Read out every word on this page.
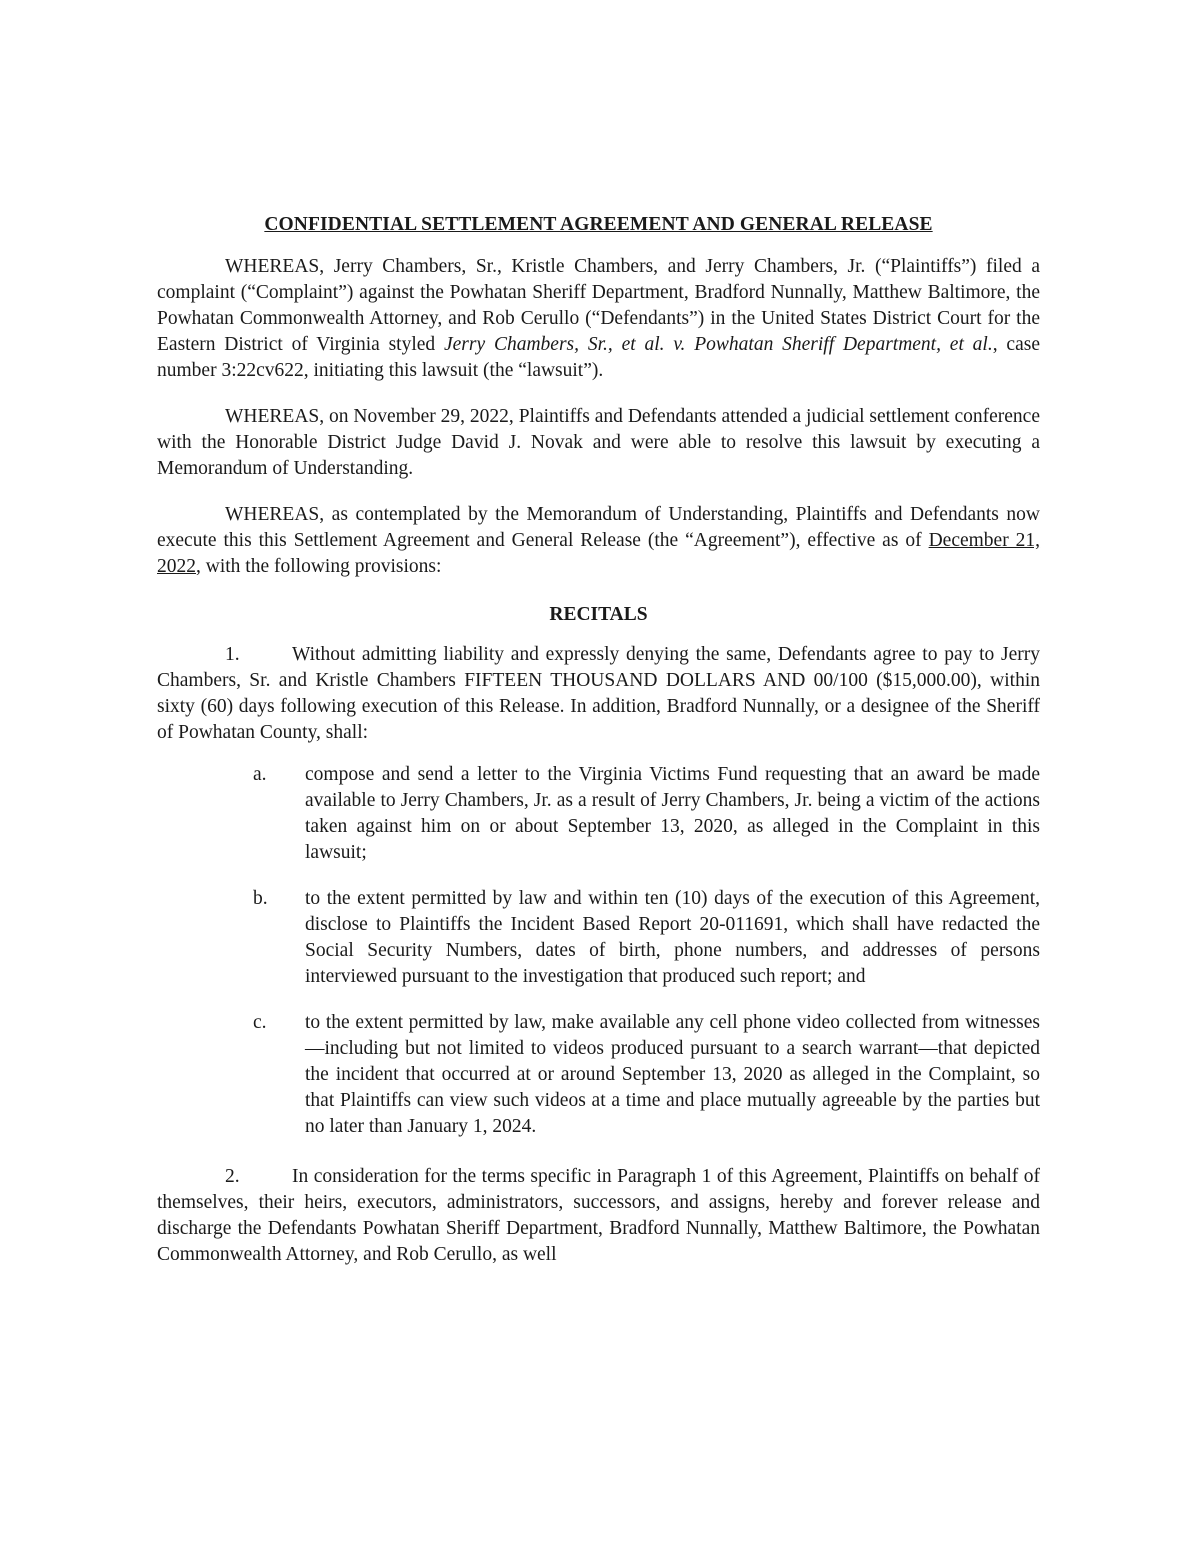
CONFIDENTIAL SETTLEMENT AGREEMENT AND GENERAL RELEASE

WHEREAS, Jerry Chambers, Sr., Kristle Chambers, and Jerry Chambers, Jr. (“Plaintiffs”) filed a complaint (“Complaint”) against the Powhatan Sheriff Department, Bradford Nunnally, Matthew Baltimore, the Powhatan Commonwealth Attorney, and Rob Cerullo (“Defendants”) in the United States District Court for the Eastern District of Virginia styled Jerry Chambers, Sr., et al. v. Powhatan Sheriff Department, et al., case number 3:22cv622, initiating this lawsuit (the “lawsuit”).

WHEREAS, on November 29, 2022, Plaintiffs and Defendants attended a judicial settlement conference with the Honorable District Judge David J. Novak and were able to resolve this lawsuit by executing a Memorandum of Understanding.

WHEREAS, as contemplated by the Memorandum of Understanding, Plaintiffs and Defendants now execute this this Settlement Agreement and General Release (the “Agreement”), effective as of December 21, 2022, with the following provisions:

RECITALS

1.	Without admitting liability and expressly denying the same, Defendants agree to pay to Jerry Chambers, Sr. and Kristle Chambers FIFTEEN THOUSAND DOLLARS AND 00/100 ($15,000.00), within sixty (60) days following execution of this Release. In addition, Bradford Nunnally, or a designee of the Sheriff of Powhatan County, shall:

a. compose and send a letter to the Virginia Victims Fund requesting that an award be made available to Jerry Chambers, Jr. as a result of Jerry Chambers, Jr. being a victim of the actions taken against him on or about September 13, 2020, as alleged in the Complaint in this lawsuit;
b. to the extent permitted by law and within ten (10) days of the execution of this Agreement, disclose to Plaintiffs the Incident Based Report 20-011691, which shall have redacted the Social Security Numbers, dates of birth, phone numbers, and addresses of persons interviewed pursuant to the investigation that produced such report; and
c. to the extent permitted by law, make available any cell phone video collected from witnesses—including but not limited to videos produced pursuant to a search warrant—that depicted the incident that occurred at or around September 13, 2020 as alleged in the Complaint, so that Plaintiffs can view such videos at a time and place mutually agreeable by the parties but no later than January 1, 2024.

2.	In consideration for the terms specific in Paragraph 1 of this Agreement, Plaintiffs on behalf of themselves, their heirs, executors, administrators, successors, and assigns, hereby and forever release and discharge the Defendants Powhatan Sheriff Department, Bradford Nunnally, Matthew Baltimore, the Powhatan Commonwealth Attorney, and Rob Cerullo, as well
